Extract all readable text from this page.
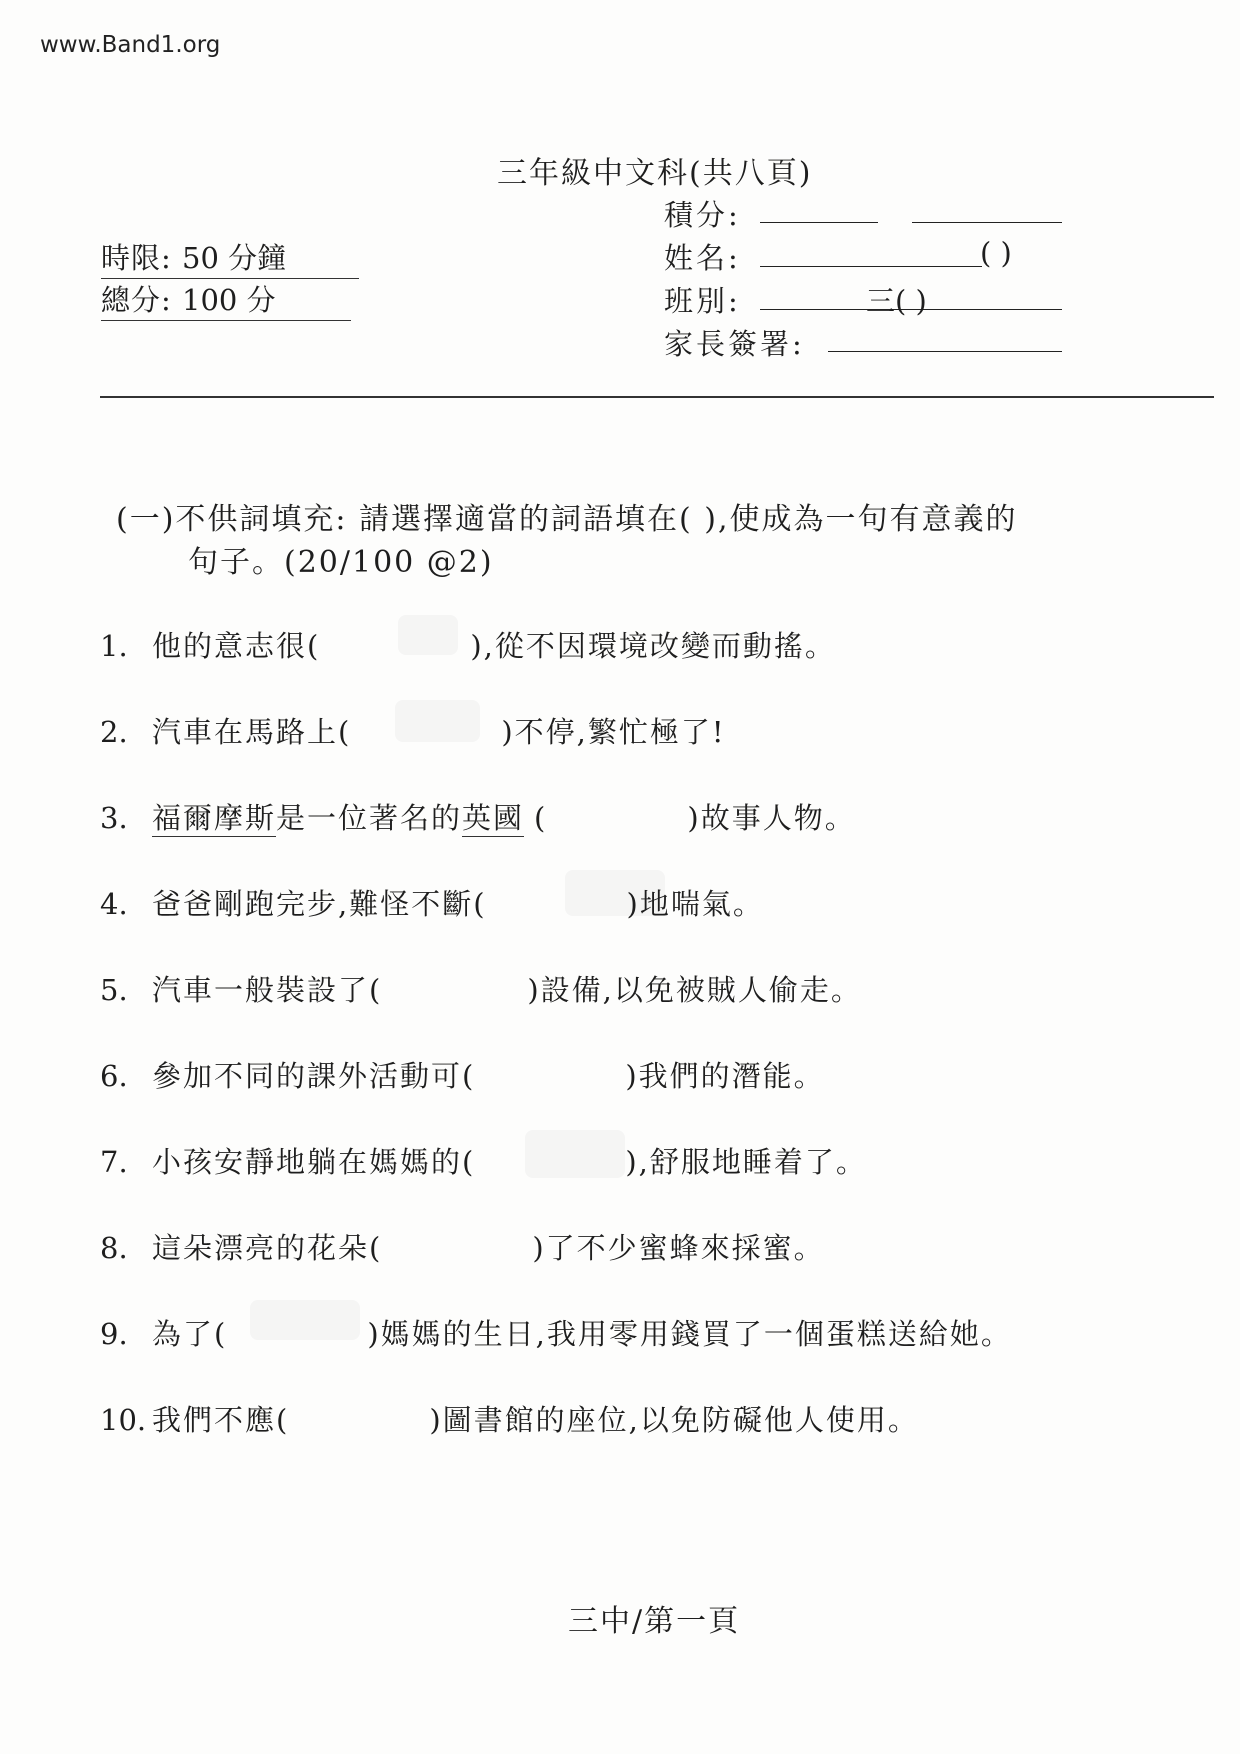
www.Band1.org
三年級中文科(共八頁)
積分:
姓名:	( )
班別:	三( )
家長簽署:
時限: 50 分鐘
總分: 100 分
(一)不供詞填充: 請選擇適當的詞語填在( ),使成為一句有意義的
句子。(20/100 @2)
1. 他的意志很(	),從不因環境改變而動搖。
2. 汽車在馬路上(	)不停,繁忙極了!
3. 福爾摩斯是一位著名的英國 (	)故事人物。
4. 爸爸剛跑完步,難怪不斷(	)地喘氣。
5. 汽車一般裝設了(	)設備,以免被賊人偷走。
6. 參加不同的課外活動可(	)我們的潛能。
7. 小孩安靜地躺在媽媽的(	),舒服地睡着了。
8. 這朵漂亮的花朵(	)了不少蜜蜂來採蜜。
9. 為了(	)媽媽的生日,我用零用錢買了一個蛋糕送給她。
10. 我們不應(	)圖書館的座位,以免防礙他人使用。
三中/第一頁
